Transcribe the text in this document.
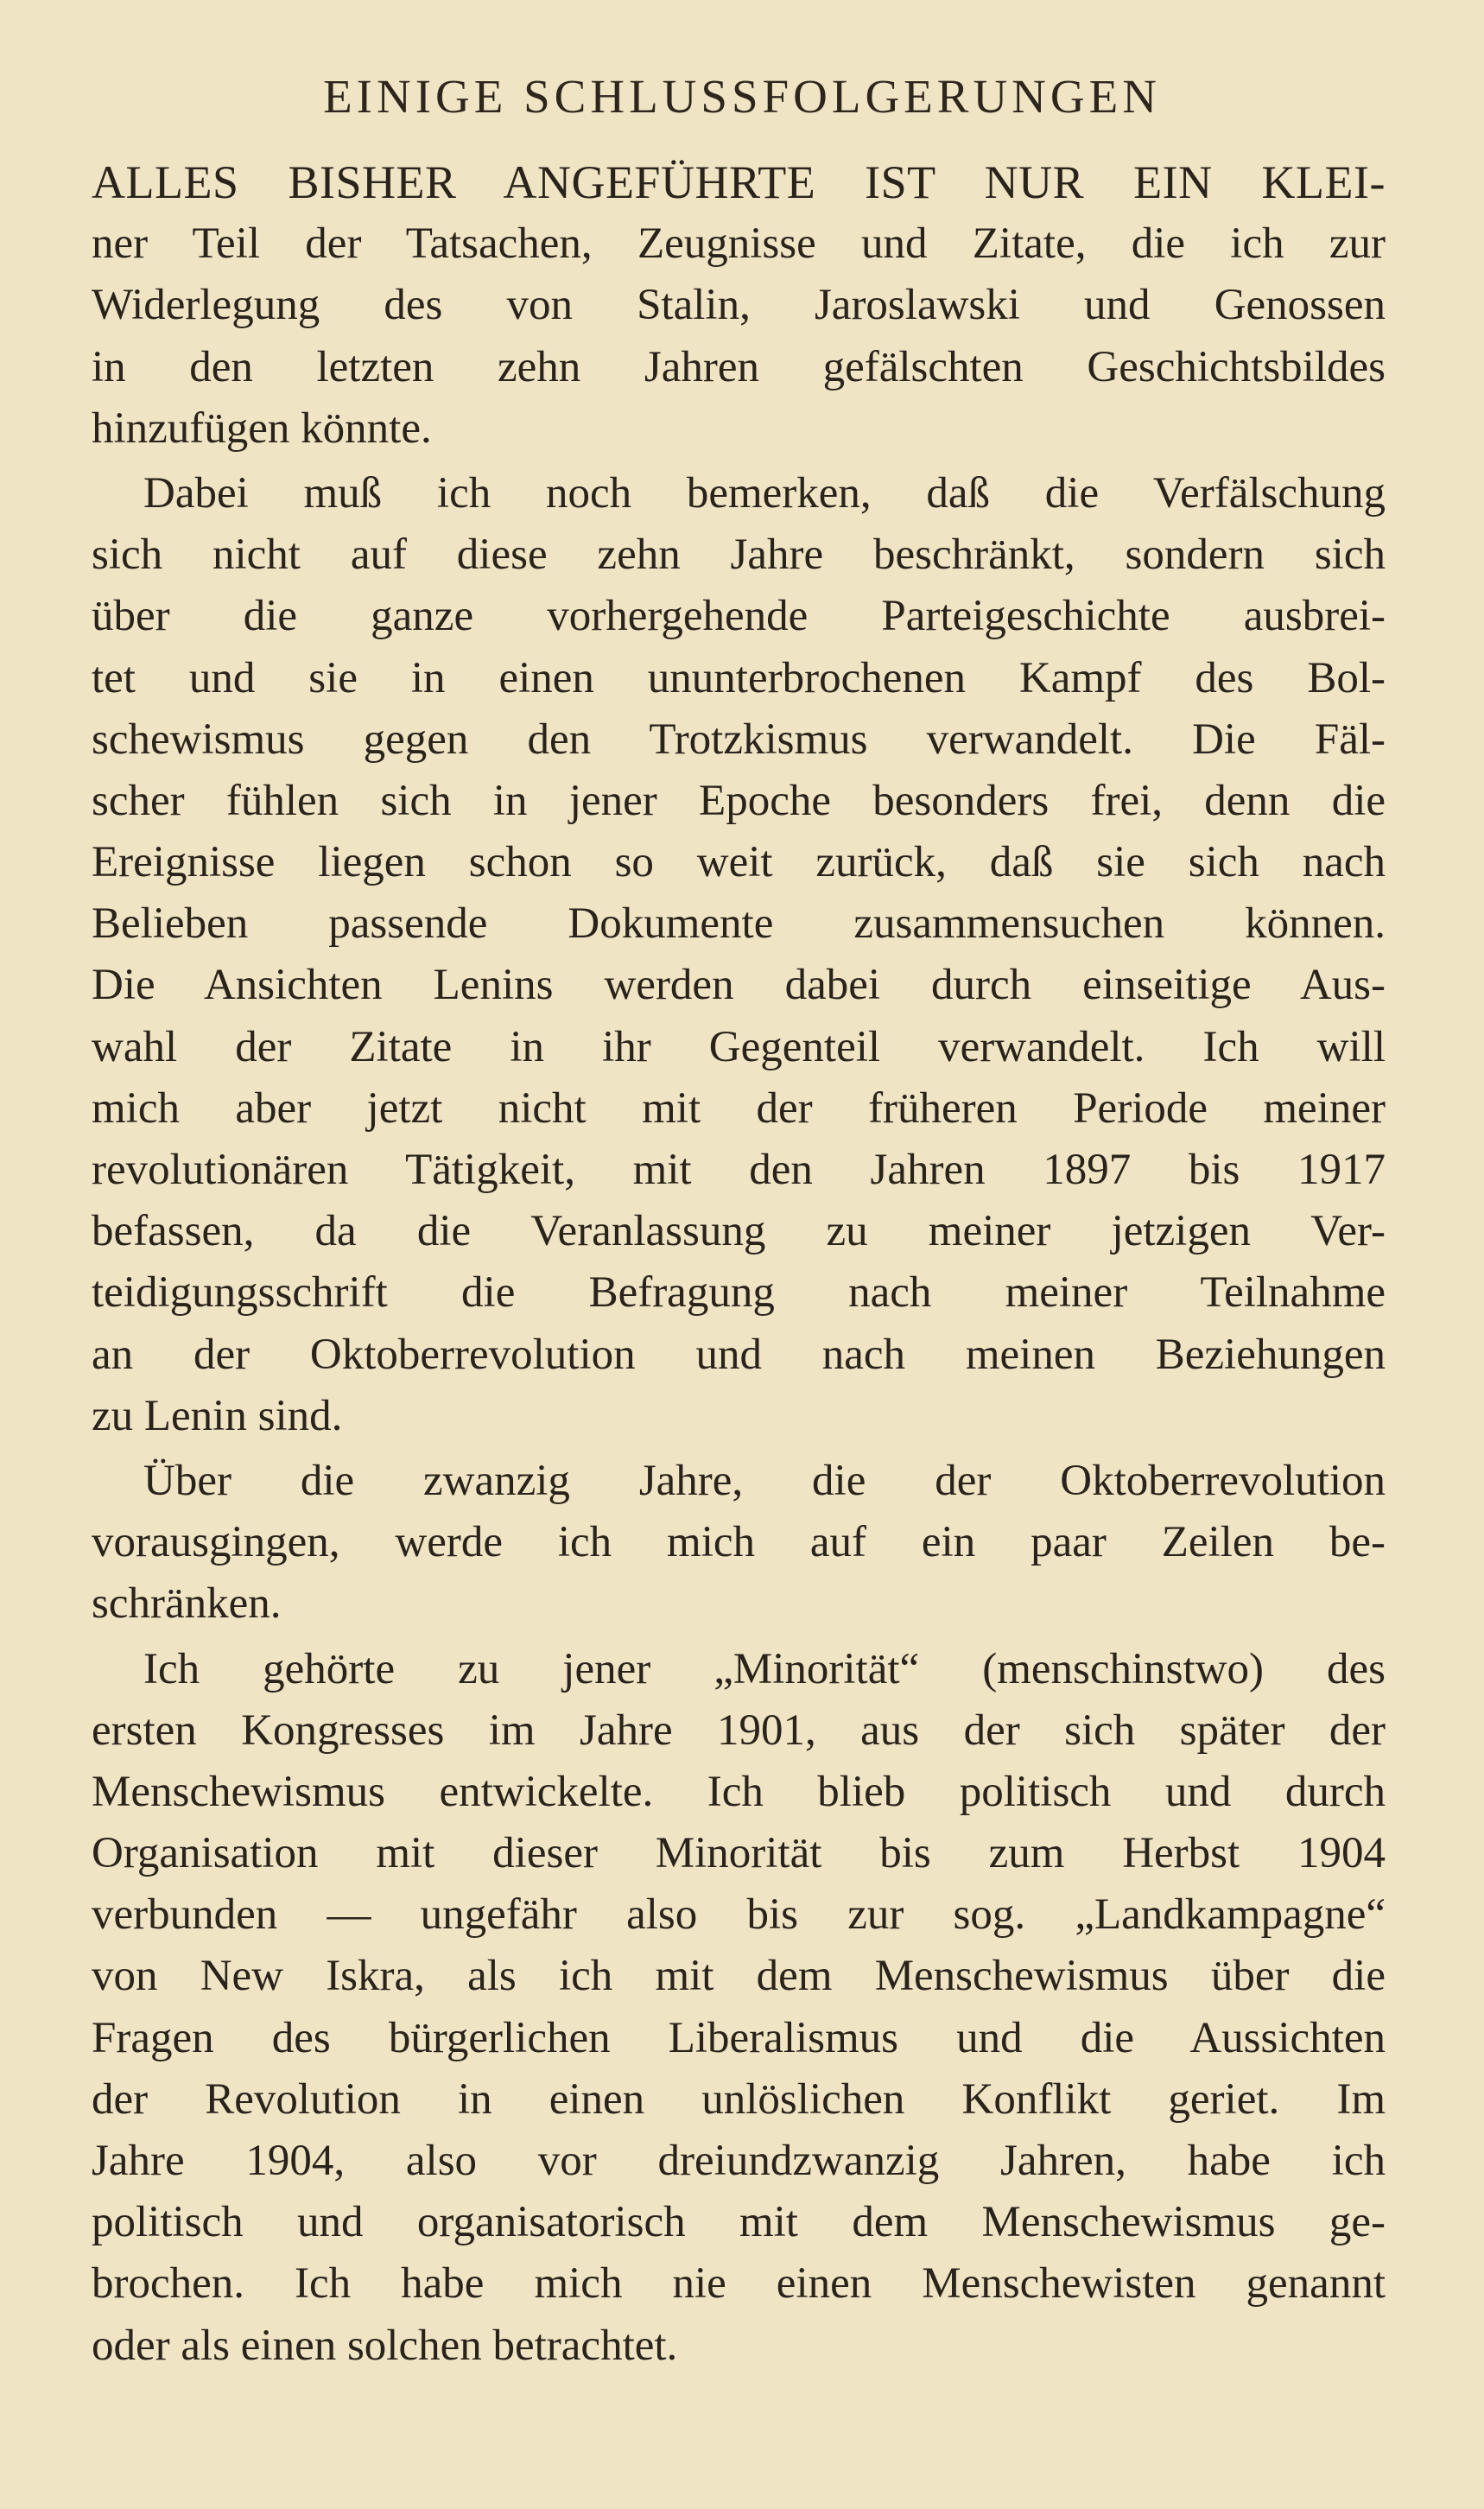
EINIGE SCHLUSSFOLGERUNGEN
ALLES BISHER ANGEFÜHRTE IST NUR EIN KLEI-
ner Teil der Tatsachen, Zeugnisse und Zitate, die ich zur
Widerlegung des von Stalin, Jaroslawski und Genossen
in den letzten zehn Jahren gefälschten Geschichtsbildes
hinzufügen könnte.
Dabei muß ich noch bemerken, daß die Verfälschung
sich nicht auf diese zehn Jahre beschränkt, sondern sich
über die ganze vorhergehende Parteigeschichte ausbrei-
tet und sie in einen ununterbrochenen Kampf des Bol-
schewismus gegen den Trotzkismus verwandelt. Die Fäl-
scher fühlen sich in jener Epoche besonders frei, denn die
Ereignisse liegen schon so weit zurück, daß sie sich nach
Belieben passende Dokumente zusammensuchen können.
Die Ansichten Lenins werden dabei durch einseitige Aus-
wahl der Zitate in ihr Gegenteil verwandelt. Ich will
mich aber jetzt nicht mit der früheren Periode meiner
revolutionären Tätigkeit, mit den Jahren 1897 bis 1917
befassen, da die Veranlassung zu meiner jetzigen Ver-
teidigungsschrift die Befragung nach meiner Teilnahme
an der Oktoberrevolution und nach meinen Beziehungen
zu Lenin sind.
Über die zwanzig Jahre, die der Oktoberrevolution
vorausgingen, werde ich mich auf ein paar Zeilen be-
schränken.
Ich gehörte zu jener „Minorität“ (menschinstwo) des
ersten Kongresses im Jahre 1901, aus der sich später der
Menschewismus entwickelte. Ich blieb politisch und durch
Organisation mit dieser Minorität bis zum Herbst 1904
verbunden — ungefähr also bis zur sog. „Landkampagne“
von New Iskra, als ich mit dem Menschewismus über die
Fragen des bürgerlichen Liberalismus und die Aussichten
der Revolution in einen unlöslichen Konflikt geriet. Im
Jahre 1904, also vor dreiundzwanzig Jahren, habe ich
politisch und organisatorisch mit dem Menschewismus ge-
brochen. Ich habe mich nie einen Menschewisten genannt
oder als einen solchen betrachtet.
